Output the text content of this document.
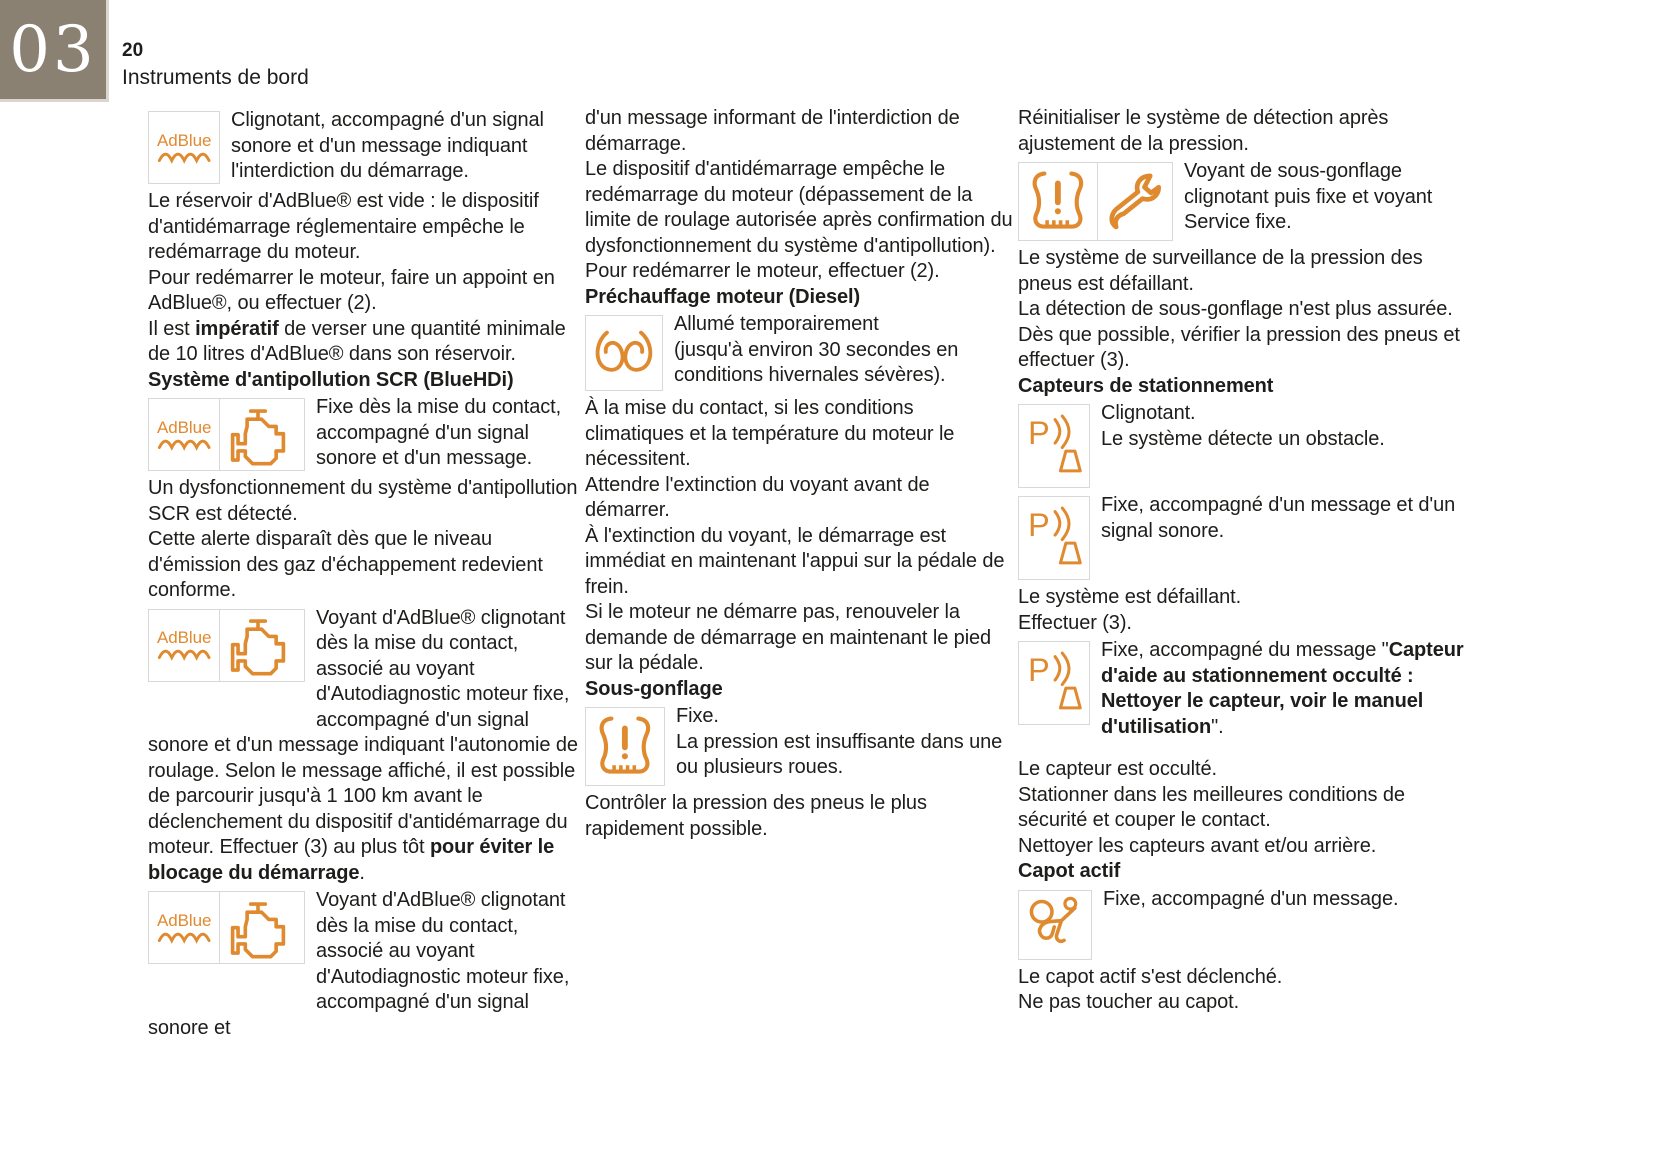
03 20
Instruments de bord
AdBlue
Clignotant, accompagné d'un signal sonore et d'un message indiquant l'interdiction du démarrage.
Le réservoir d'AdBlue® est vide : le dispositif d'antidémarrage réglementaire empêche le redémarrage du moteur.
Pour redémarrer le moteur, faire un appoint en AdBlue®, ou effectuer (2).
Il est impératif de verser une quantité minimale de 10 litres d'AdBlue® dans son réservoir.
Système d'antipollution SCR (BlueHDi)
AdBlue
Fixe dès la mise du contact, accompagné d'un signal sonore et d'un message.
Un dysfonctionnement du système d'antipollution SCR est détecté.
Cette alerte disparaît dès que le niveau d'émission des gaz d'échappement redevient conforme.
AdBlue
Voyant d'AdBlue® clignotant dès la mise du contact, associé au voyant d'Autodiagnostic moteur fixe, accompagné d'un signal sonore et d'un message indiquant l'autonomie de roulage. Selon le message affiché, il est possible de parcourir jusqu'à 1 100 km avant le déclenchement du dispositif d'antidémarrage du moteur. Effectuer (3) au plus tôt pour éviter le blocage du démarrage.
AdBlue
Voyant d'AdBlue® clignotant dès la mise du contact, associé au voyant d'Autodiagnostic moteur fixe, accompagné d'un signal sonore et
d'un message informant de l'interdiction de démarrage.
Le dispositif d'antidémarrage empêche le redémarrage du moteur (dépassement de la limite de roulage autorisée après confirmation du dysfonctionnement du système d'antipollution).
Pour redémarrer le moteur, effectuer (2).
Préchauffage moteur (Diesel)
Allumé temporairement
(jusqu'à environ 30 secondes en conditions hivernales sévères).
À la mise du contact, si les conditions climatiques et la température du moteur le nécessitent.
Attendre l'extinction du voyant avant de démarrer.
À l'extinction du voyant, le démarrage est immédiat en maintenant l'appui sur la pédale de frein.
Si le moteur ne démarre pas, renouveler la demande de démarrage en maintenant le pied sur la pédale.
Sous-gonflage
Fixe.
La pression est insuffisante dans une ou plusieurs roues.
Contrôler la pression des pneus le plus rapidement possible.
Réinitialiser le système de détection après ajustement de la pression.
Voyant de sous-gonflage clignotant puis fixe et voyant Service fixe.
Le système de surveillance de la pression des pneus est défaillant.
La détection de sous-gonflage n'est plus assurée.
Dès que possible, vérifier la pression des pneus et effectuer (3).
Capteurs de stationnement
P
Clignotant.
Le système détecte un obstacle.
P
Fixe, accompagné d'un message et d'un signal sonore.
Le système est défaillant.
Effectuer (3).
P
Fixe, accompagné du message "Capteur d'aide au stationnement occulté : Nettoyer le capteur, voir le manuel d'utilisation".
Le capteur est occulté.
Stationner dans les meilleures conditions de sécurité et couper le contact.
Nettoyer les capteurs avant et/ou arrière.
Capot actif
Fixe, accompagné d'un message.
Le capot actif s'est déclenché.
Ne pas toucher au capot.
